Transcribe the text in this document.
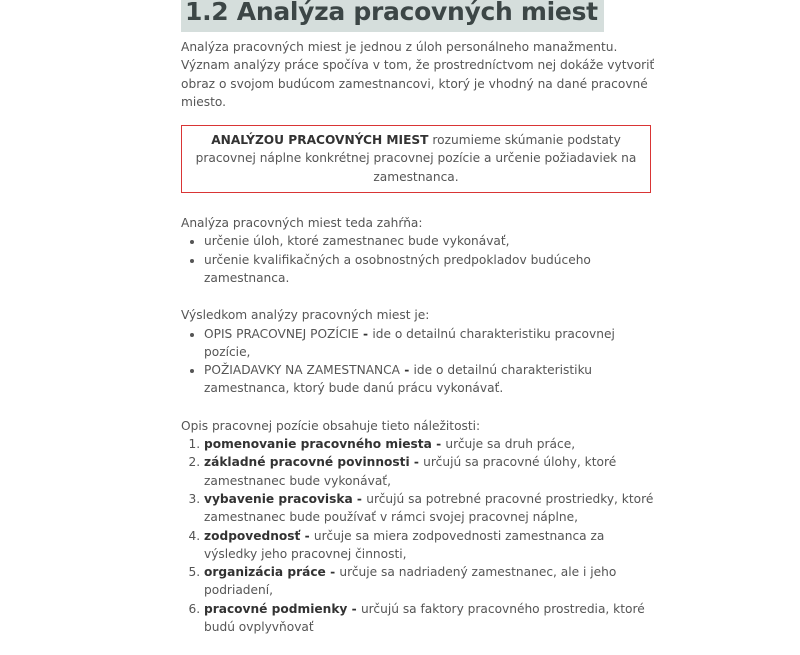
1.2 Analýza pracovných miest

Analýza pracovných miest je jednou z úloh personálneho manažmentu. Význam analýzy práce spočíva v tom, že prostredníctvom nej dokáže vytvoriť obraz o svojom budúcom zamestnancovi, ktorý je vhodný na dané pracovné miesto.

ANALÝZOU PRACOVNÝCH MIEST rozumieme skúmanie podstaty pracovnej náplne konkrétnej pracovnej pozície a určenie požiadaviek na zamestnanca.

Analýza pracovných miest teda zahŕňa:

• určenie úloh, ktoré zamestnanec bude vykonávať,
• určenie kvalifikačných a osobnostných predpokladov budúceho zamestnanca.

Výsledkom analýzy pracovných miest je:

• OPIS PRACOVNEJ POZÍCIE - ide o detailnú charakteristiku pracovnej pozície,
• POŽIADAVKY NA ZAMESTNANCA - ide o detailnú charakteristiku zamestnanca, ktorý bude danú prácu vykonávať.

Opis pracovnej pozície obsahuje tieto náležitosti:

1. pomenovanie pracovného miesta - určuje sa druh práce,
2. základné pracovné povinnosti - určujú sa pracovné úlohy, ktoré zamestnanec bude vykonávať,
3. vybavenie pracoviska - určujú sa potrebné pracovné prostriedky, ktoré zamestnanec bude používať v rámci svojej pracovnej náplne,
4. zodpovednosť - určuje sa miera zodpovednosti zamestnanca za výsledky jeho pracovnej činnosti,
5. organizácia práce - určuje sa nadriadený zamestnanec, ale i jeho podriadení,
6. pracovné podmienky - určujú sa faktory pracovného prostredia, ktoré budú ovplyvňovať
